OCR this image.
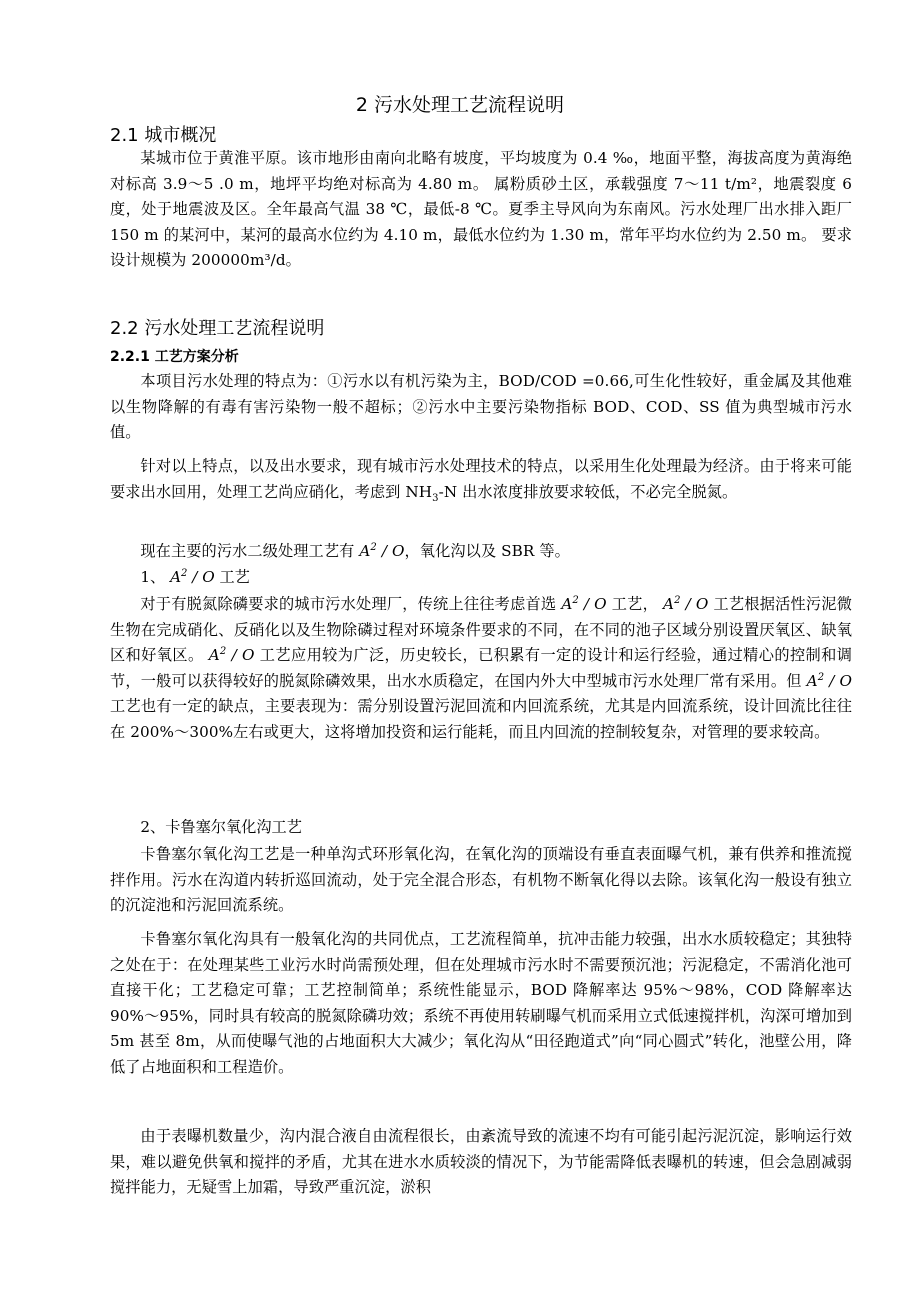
2 污水处理工艺流程说明
2.1 城市概况

某城市位于黄淮平原。该市地形由南向北略有坡度，平均坡度为 0.4 ‰，地面平整，海拔高度为黄海绝对标高 3.9～5 .0 m，地坪平均绝对标高为 4.80 m。 属粉质砂土区，承载强度 7～11 t/m²，地震裂度 6 度，处于地震波及区。全年最高气温 38 ℃，最低-8 ℃。夏季主导风向为东南风。污水处理厂出水排入距厂 150 m 的某河中，某河的最高水位约为 4.10 m，最低水位约为 1.30 m，常年平均水位约为 2.50 m。 要求设计规模为 200000m³/d。

2.2 污水处理工艺流程说明
2.2.1 工艺方案分析

本项目污水处理的特点为：①污水以有机污染为主，BOD/COD =0.66,可生化性较好，重金属及其他难以生物降解的有毒有害污染物一般不超标；②污水中主要污染物指标 BOD、COD、SS 值为典型城市污水值。

针对以上特点，以及出水要求，现有城市污水处理技术的特点，以采用生化处理最为经济。由于将来可能要求出水回用，处理工艺尚应硝化，考虑到 $NH_3-N$ 出水浓度排放要求较低，不必完全脱氮。

现在主要的污水二级处理工艺有 $A^2$ / O，氧化沟以及 SBR 等。

1、 $A^2$ / O 工艺

对于有脱氮除磷要求的城市污水处理厂，传统上往往考虑首选 $A^2$ / O 工艺， $A^2$ / O 工艺根据活性污泥微生物在完成硝化、反硝化以及生物除磷过程对环境条件要求的不同，在不同的池子区域分别设置厌氧区、缺氧区和好氧区。 $A^2$ / O 工艺应用较为广泛，历史较长，已积累有一定的设计和运行经验，通过精心的控制和调节，一般可以获得较好的脱氮除磷效果，出水水质稳定，在国内外大中型城市污水处理厂常有采用。但 $A^2$ / O 工艺也有一定的缺点，主要表现为：需分别设置污泥回流和内回流系统，尤其是内回流系统，设计回流比往往在 200%～300%左右或更大，这将增加投资和运行能耗，而且内回流的控制较复杂，对管理的要求较高。

2、卡鲁塞尔氧化沟工艺

卡鲁塞尔氧化沟工艺是一种单沟式环形氧化沟，在氧化沟的顶端设有垂直表面曝气机，兼有供养和推流搅拌作用。污水在沟道内转折巡回流动，处于完全混合形态，有机物不断氧化得以去除。该氧化沟一般设有独立的沉淀池和污泥回流系统。

卡鲁塞尔氧化沟具有一般氧化沟的共同优点，工艺流程简单，抗冲击能力较强，出水水质较稳定；其独特之处在于：在处理某些工业污水时尚需预处理，但在处理城市污水时不需要预沉池；污泥稳定，不需消化池可直接干化；工艺稳定可靠；工艺控制简单；系统性能显示，BOD 降解率达 95%～98%，COD 降解率达 90%～95%，同时具有较高的脱氮除磷功效；系统不再使用转刷曝气机而采用立式低速搅拌机，沟深可增加到 5m 甚至 8m，从而使曝气池的占地面积大大减少；氧化沟从“田径跑道式”向“同心圆式”转化，池壁公用，降低了占地面积和工程造价。

由于表曝机数量少，沟内混合液自由流程很长，由紊流导致的流速不均有可能引起污泥沉淀，影响运行效果，难以避免供氧和搅拌的矛盾，尤其在进水水质较淡的情况下，为节能需降低表曝机的转速，但会急剧减弱搅拌能力，无疑雪上加霜，导致严重沉淀，淤积
